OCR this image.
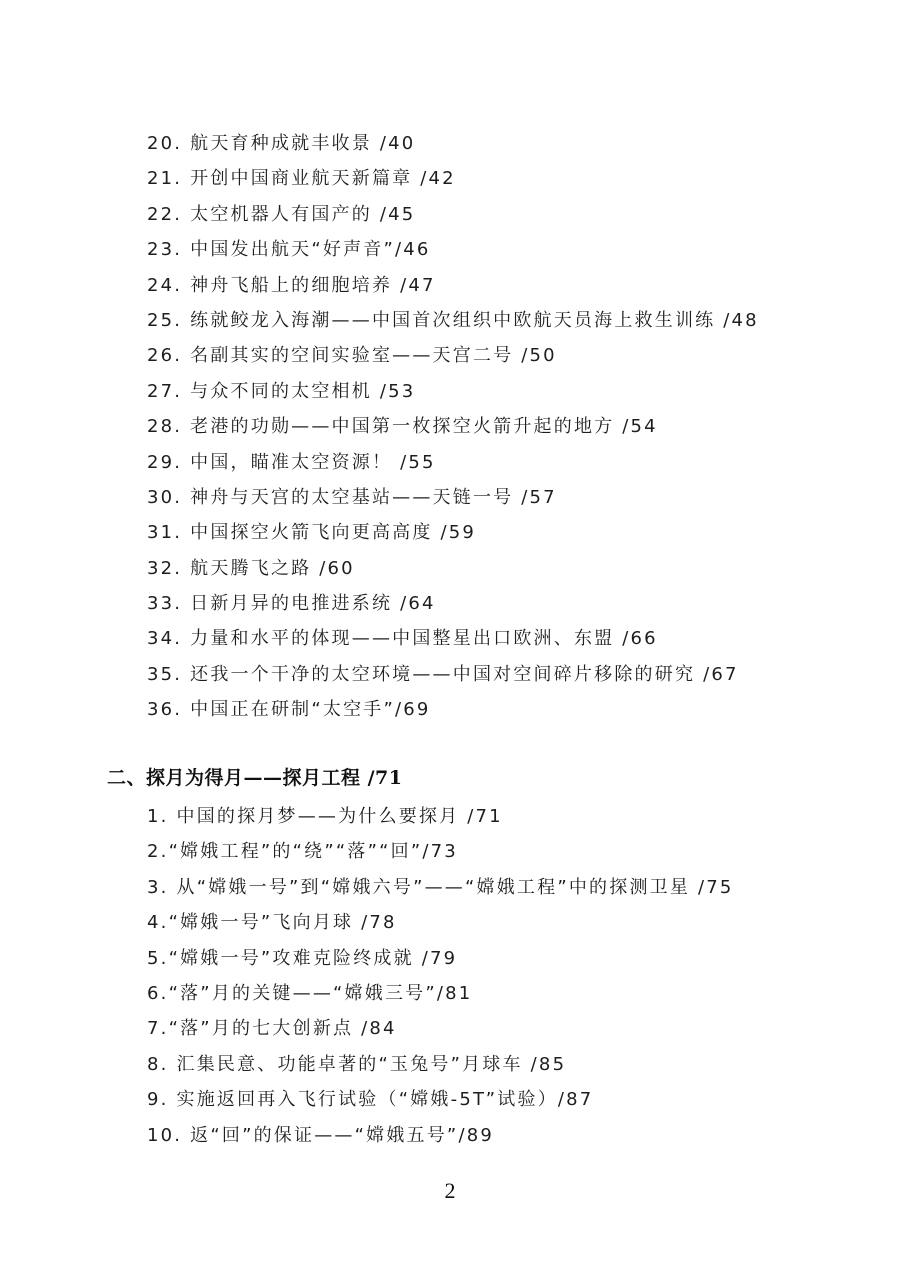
20. 航天育种成就丰收景 /40
21. 开创中国商业航天新篇章 /42
22. 太空机器人有国产的 /45
23. 中国发出航天“好声音”/46
24. 神舟飞船上的细胞培养 /47
25. 练就鲛龙入海潮——中国首次组织中欧航天员海上救生训练 /48
26. 名副其实的空间实验室——天宫二号 /50
27. 与众不同的太空相机 /53
28. 老港的功勋——中国第一枚探空火箭升起的地方 /54
29. 中国，瞄准太空资源！ /55
30. 神舟与天宫的太空基站——天链一号 /57
31. 中国探空火箭飞向更高高度 /59
32. 航天腾飞之路 /60
33. 日新月异的电推进系统 /64
34. 力量和水平的体现——中国整星出口欧洲、东盟 /66
35. 还我一个干净的太空环境——中国对空间碎片移除的研究 /67
36. 中国正在研制“太空手”/69
二、探月为得月——探月工程 /71
1. 中国的探月梦——为什么要探月 /71
2.“嫦娥工程”的“绕”“落”“回”/73
3. 从“嫦娥一号”到“嫦娥六号”——“嫦娥工程”中的探测卫星 /75
4.“嫦娥一号”飞向月球 /78
5.“嫦娥一号”攻难克险终成就 /79
6.“落”月的关键——“嫦娥三号”/81
7.“落”月的七大创新点 /84
8. 汇集民意、功能卓著的“玉兔号”月球车 /85
9. 实施返回再入飞行试验（“嫦娥-5T”试验）/87
10. 返“回”的保证——“嫦娥五号”/89
2
